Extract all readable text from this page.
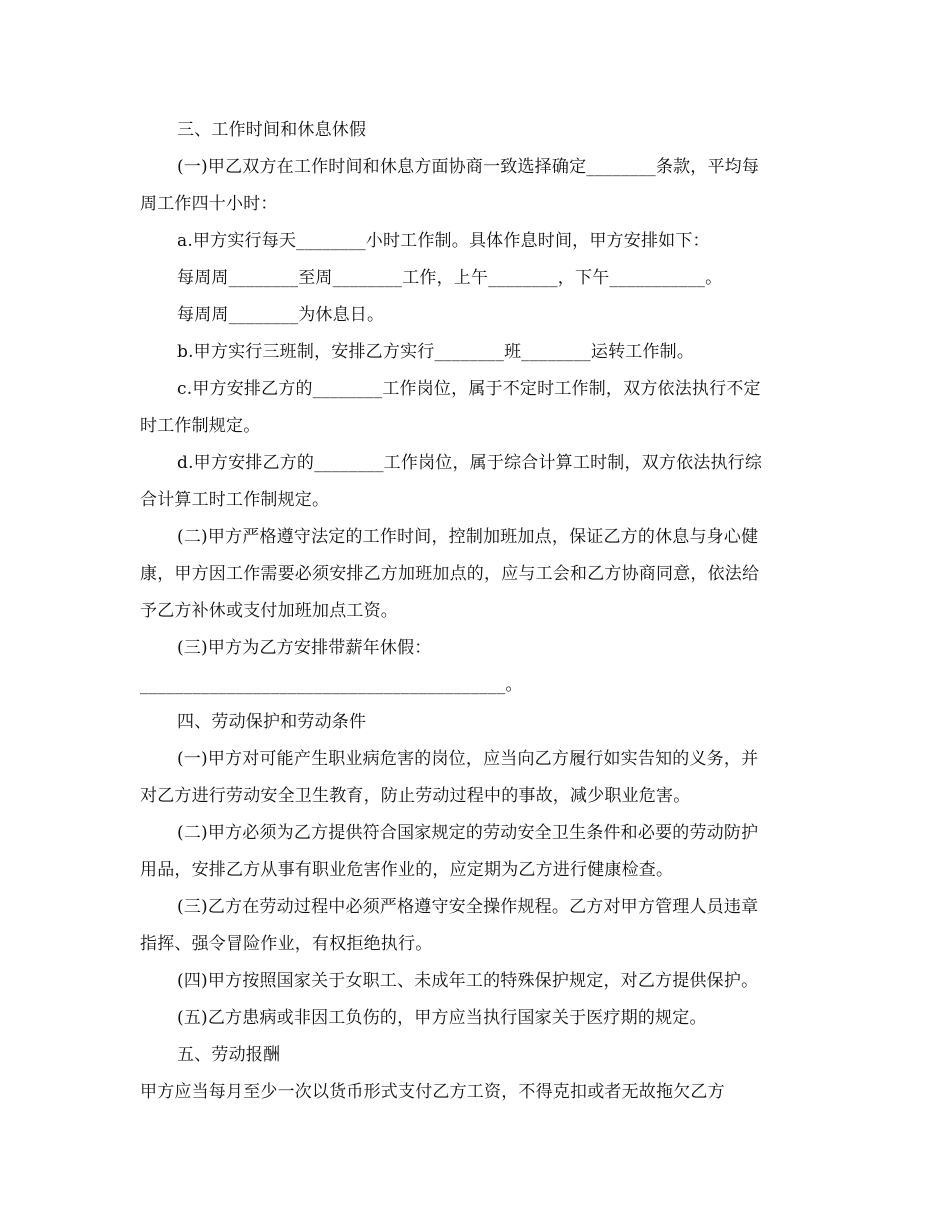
三、工作时间和休息休假
(一)甲乙双方在工作时间和休息方面协商一致选择确定________条款，平均每
周工作四十小时：
a.甲方实行每天________小时工作制。具体作息时间，甲方安排如下：
每周周________至周________工作，上午________，下午___________。
每周周________为休息日。
b.甲方实行三班制，安排乙方实行________班________运转工作制。
c.甲方安排乙方的________工作岗位，属于不定时工作制，双方依法执行不定
时工作制规定。
d.甲方安排乙方的________工作岗位，属于综合计算工时制，双方依法执行综
合计算工时工作制规定。
(二)甲方严格遵守法定的工作时间，控制加班加点，保证乙方的休息与身心健
康，甲方因工作需要必须安排乙方加班加点的，应与工会和乙方协商同意，依法给
予乙方补休或支付加班加点工资。
(三)甲方为乙方安排带薪年休假：
__________________________________________。
四、劳动保护和劳动条件
(一)甲方对可能产生职业病危害的岗位，应当向乙方履行如实告知的义务，并
对乙方进行劳动安全卫生教育，防止劳动过程中的事故，减少职业危害。
(二)甲方必须为乙方提供符合国家规定的劳动安全卫生条件和必要的劳动防护
用品，安排乙方从事有职业危害作业的，应定期为乙方进行健康检查。
(三)乙方在劳动过程中必须严格遵守安全操作规程。乙方对甲方管理人员违章
指挥、强令冒险作业，有权拒绝执行。
(四)甲方按照国家关于女职工、未成年工的特殊保护规定，对乙方提供保护。
(五)乙方患病或非因工负伤的，甲方应当执行国家关于医疗期的规定。
五、劳动报酬
甲方应当每月至少一次以货币形式支付乙方工资，不得克扣或者无故拖欠乙方
